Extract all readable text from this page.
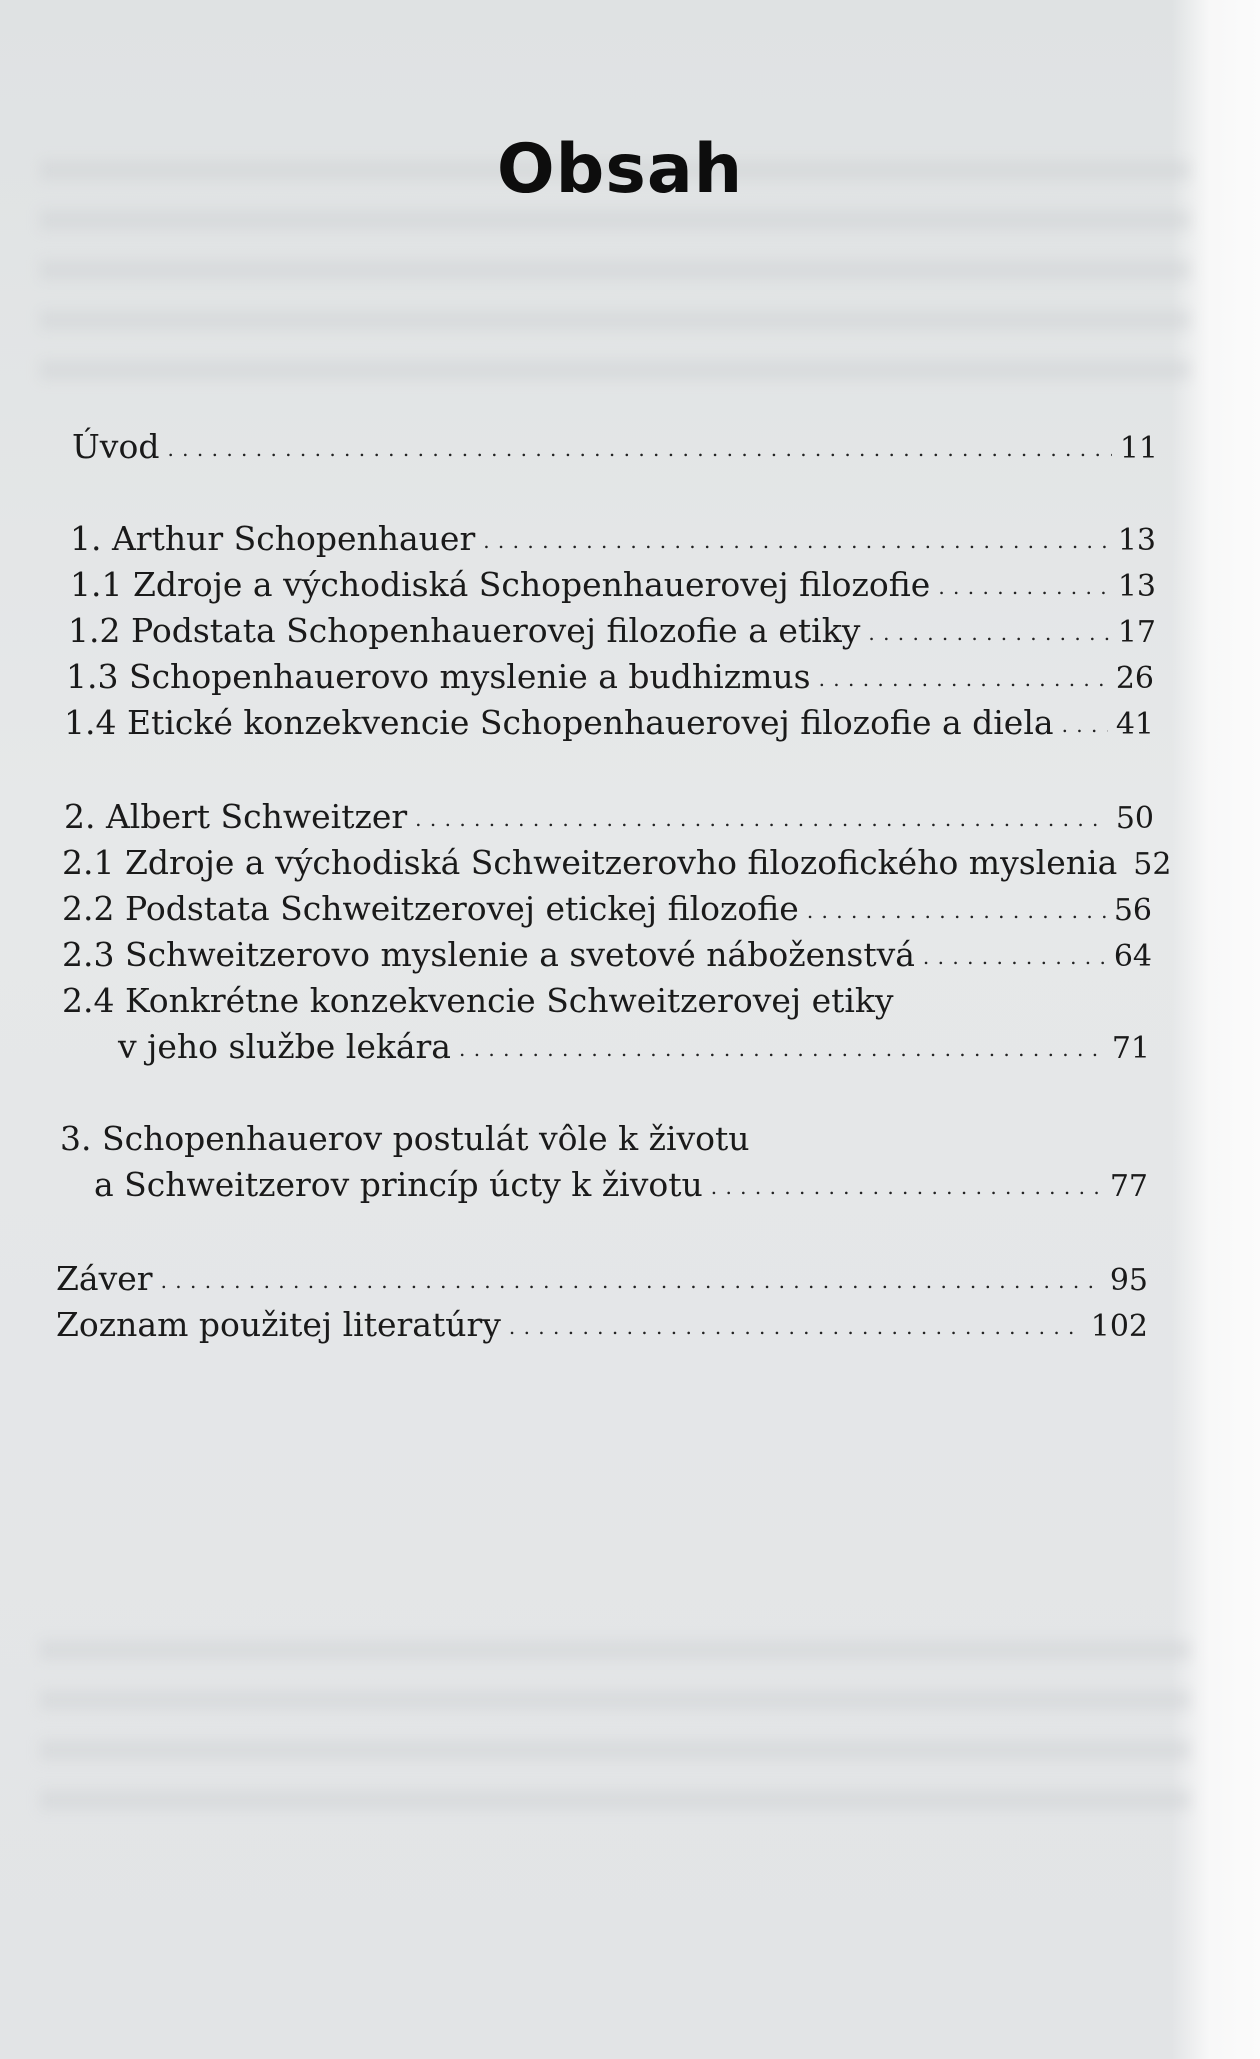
Obsah
Úvod . . .	11
1. Arthur Schopenhauer . . .	13
1.1 Zdroje a východiská Schopenhauerovej filozofie . . .	13
1.2 Podstata Schopenhauerovej filozofie a etiky . . .	17
1.3 Schopenhauerovo myslenie a budhizmus . . .	26
1.4 Etické konzekvencie Schopenhauerovej filozofie a diela . . . 41
2. Albert Schweitzer . . .	50
2.1 Zdroje a východiská Schweitzerovho filozofického myslenia 52
2.2 Podstata Schweitzerovej etickej filozofie . . .	56
2.3 Schweitzerovo myslenie a svetové náboženstvá . . .	64
2.4 Konkrétne konzekvencie Schweitzerovej etiky
v jeho službe lekára . . .	71
3. Schopenhauerov postulát vôle k životu
a Schweitzerov princíp úcty k životu . . .	77
Záver . . .	95
Zoznam použitej literatúry . . .	102
